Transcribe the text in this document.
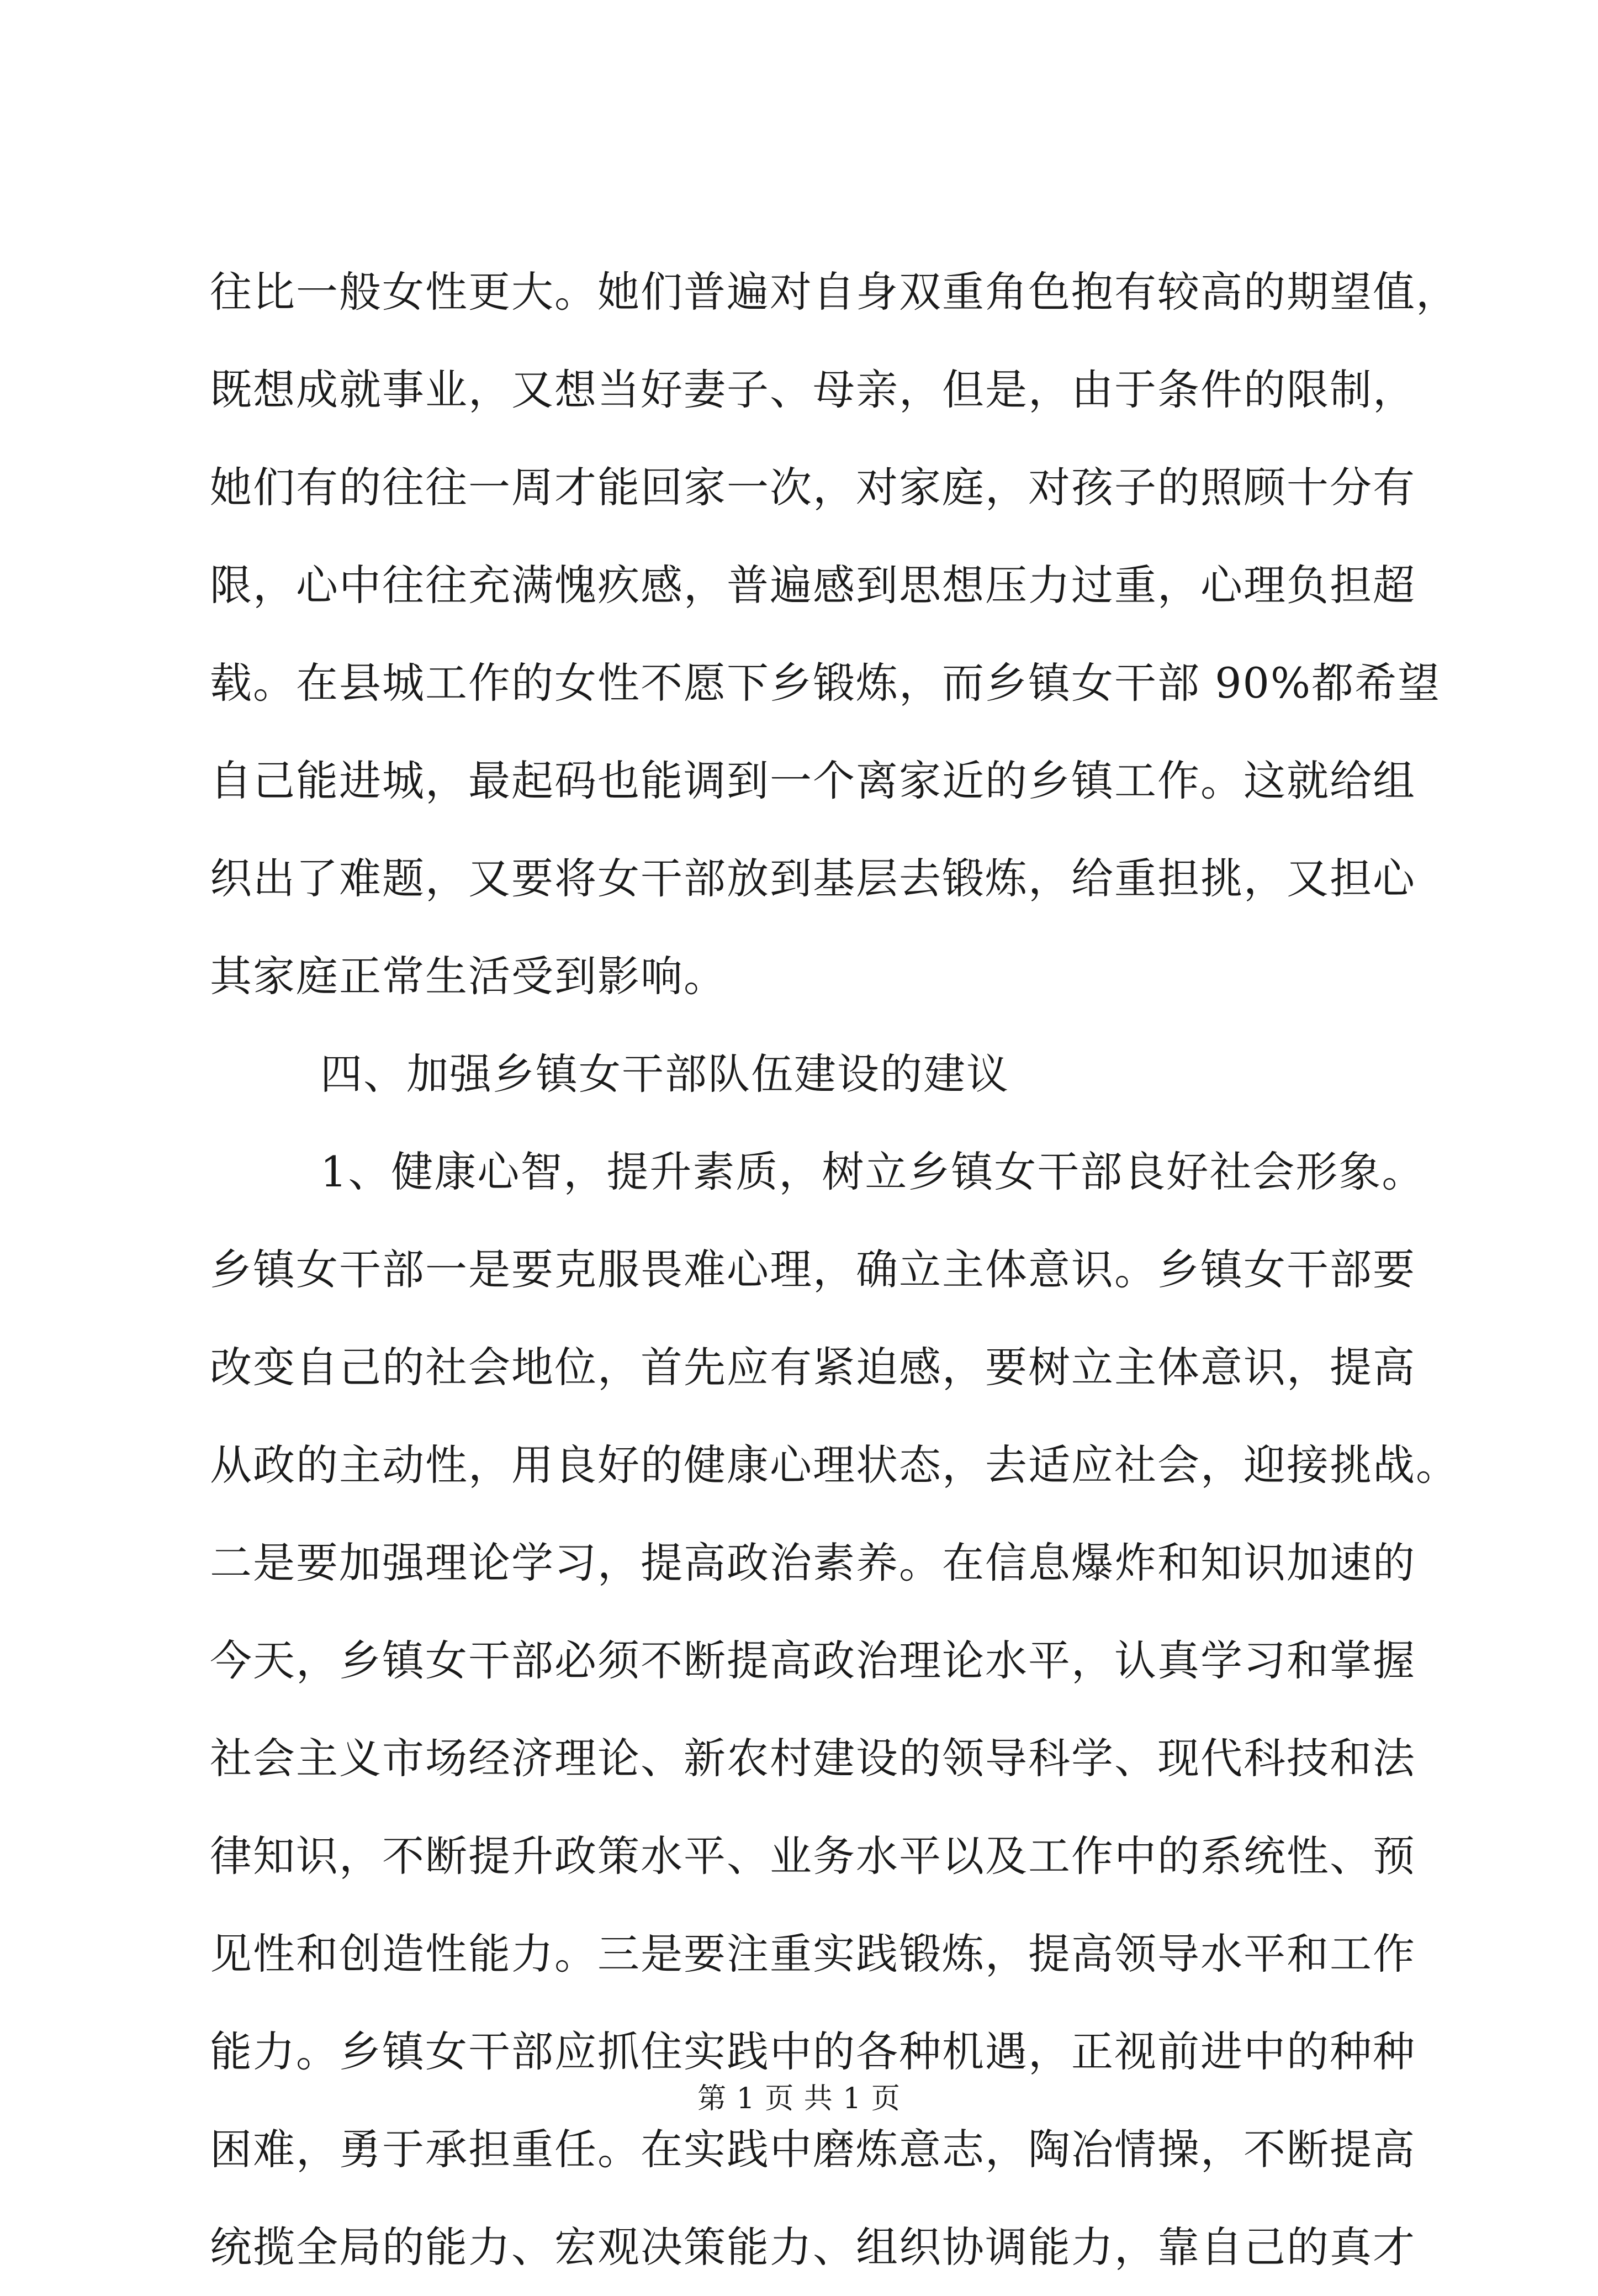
往比一般女性更大。她们普遍对自身双重角色抱有较高的期望值，
既想成就事业，又想当好妻子、母亲，但是，由于条件的限制，
她们有的往往一周才能回家一次，对家庭，对孩子的照顾十分有
限，心中往往充满愧疚感，普遍感到思想压力过重，心理负担超
载。在县城工作的女性不愿下乡锻炼，而乡镇女干部 90%都希望
自己能进城，最起码也能调到一个离家近的乡镇工作。这就给组
织出了难题，又要将女干部放到基层去锻炼，给重担挑，又担心
其家庭正常生活受到影响。
四、加强乡镇女干部队伍建设的建议
1、健康心智，提升素质，树立乡镇女干部良好社会形象。
乡镇女干部一是要克服畏难心理，确立主体意识。乡镇女干部要
改变自己的社会地位，首先应有紧迫感，要树立主体意识，提高
从政的主动性，用良好的健康心理状态，去适应社会，迎接挑战。
二是要加强理论学习，提高政治素养。在信息爆炸和知识加速的
今天，乡镇女干部必须不断提高政治理论水平，认真学习和掌握
社会主义市场经济理论、新农村建设的领导科学、现代科技和法
律知识，不断提升政策水平、业务水平以及工作中的系统性、预
见性和创造性能力。三是要注重实践锻炼，提高领导水平和工作
能力。乡镇女干部应抓住实践中的各种机遇，正视前进中的种种
困难，勇于承担重任。在实践中磨炼意志，陶冶情操，不断提高
统揽全局的能力、宏观决策能力、组织协调能力，靠自己的真才
第 1 页 共 1 页
